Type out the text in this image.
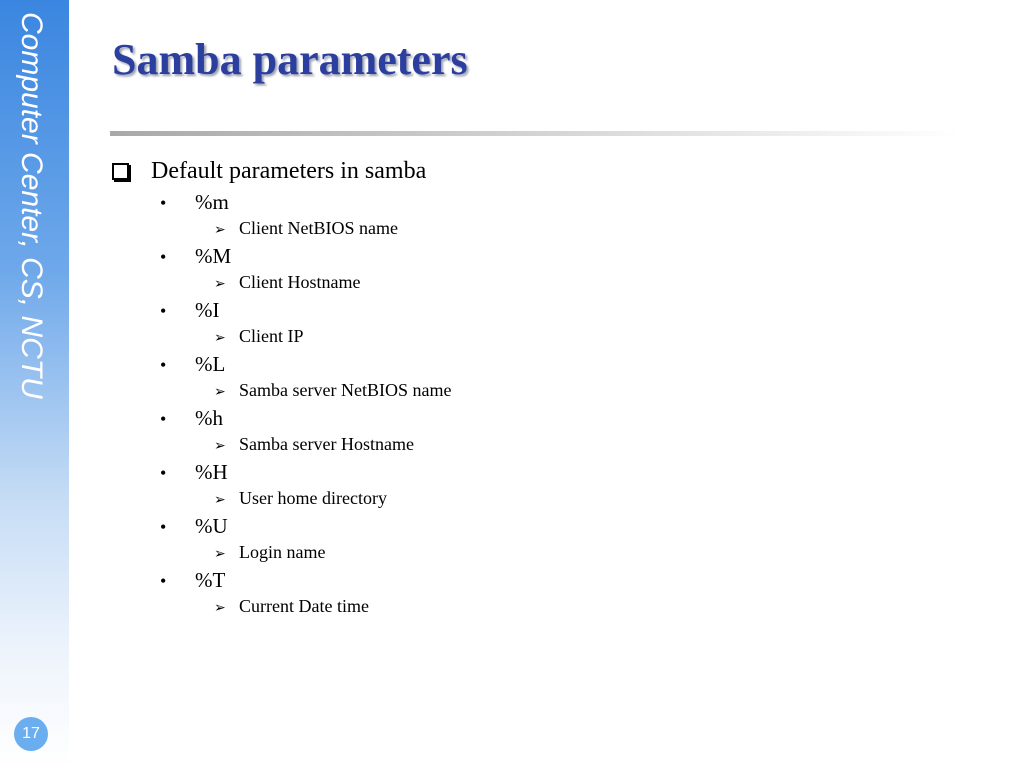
Computer Center, CS, NCTU
17
Samba parameters
Default parameters in samba
• %m
➢ Client NetBIOS name
• %M
➢ Client Hostname
• %I
➢ Client IP
• %L
➢ Samba server NetBIOS name
• %h
➢ Samba server Hostname
• %H
➢ User home directory
• %U
➢ Login name
• %T
➢ Current Date time
